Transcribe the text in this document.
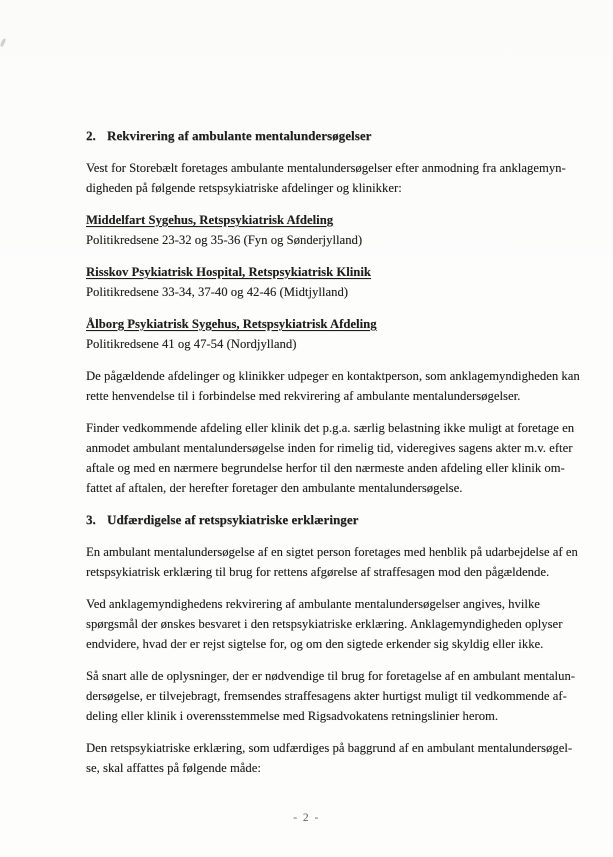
2. Rekvirering af ambulante mentalundersøgelser
Vest for Storebælt foretages ambulante mentalundersøgelser efter anmodning fra anklagemyn-
digheden på følgende retspsykiatriske afdelinger og klinikker:
Middelfart Sygehus, Retspsykiatrisk Afdeling
Politikredsene 23-32 og 35-36 (Fyn og Sønderjylland)
Risskov Psykiatrisk Hospital, Retspsykiatrisk Klinik
Politikredsene 33-34, 37-40 og 42-46 (Midtjylland)
Ålborg Psykiatrisk Sygehus, Retspsykiatrisk Afdeling
Politikredsene 41 og 47-54 (Nordjylland)
De pågældende afdelinger og klinikker udpeger en kontaktperson, som anklagemyndigheden kan
rette henvendelse til i forbindelse med rekvirering af ambulante mentalundersøgelser.
Finder vedkommende afdeling eller klinik det p.g.a. særlig belastning ikke muligt at foretage en
anmodet ambulant mentalundersøgelse inden for rimelig tid, videregives sagens akter m.v. efter
aftale og med en nærmere begrundelse herfor til den nærmeste anden afdeling eller klinik om-
fattet af aftalen, der herefter foretager den ambulante mentalundersøgelse.
3. Udfærdigelse af retspsykiatriske erklæringer
En ambulant mentalundersøgelse af en sigtet person foretages med henblik på udarbejdelse af en
retspsykiatrisk erklæring til brug for rettens afgørelse af straffesagen mod den pågældende.
Ved anklagemyndighedens rekvirering af ambulante mentalundersøgelser angives, hvilke
spørgsmål der ønskes besvaret i den retspsykiatriske erklæring. Anklagemyndigheden oplyser
endvidere, hvad der er rejst sigtelse for, og om den sigtede erkender sig skyldig eller ikke.
Så snart alle de oplysninger, der er nødvendige til brug for foretagelse af en ambulant mentalun-
dersøgelse, er tilvejebragt, fremsendes straffesagens akter hurtigst muligt til vedkommende af-
deling eller klinik i overensstemmelse med Rigsadvokatens retningslinier herom.
Den retspsykiatriske erklæring, som udfærdiges på baggrund af en ambulant mentalundersøgel-
se, skal affattes på følgende måde:
- 2 -
